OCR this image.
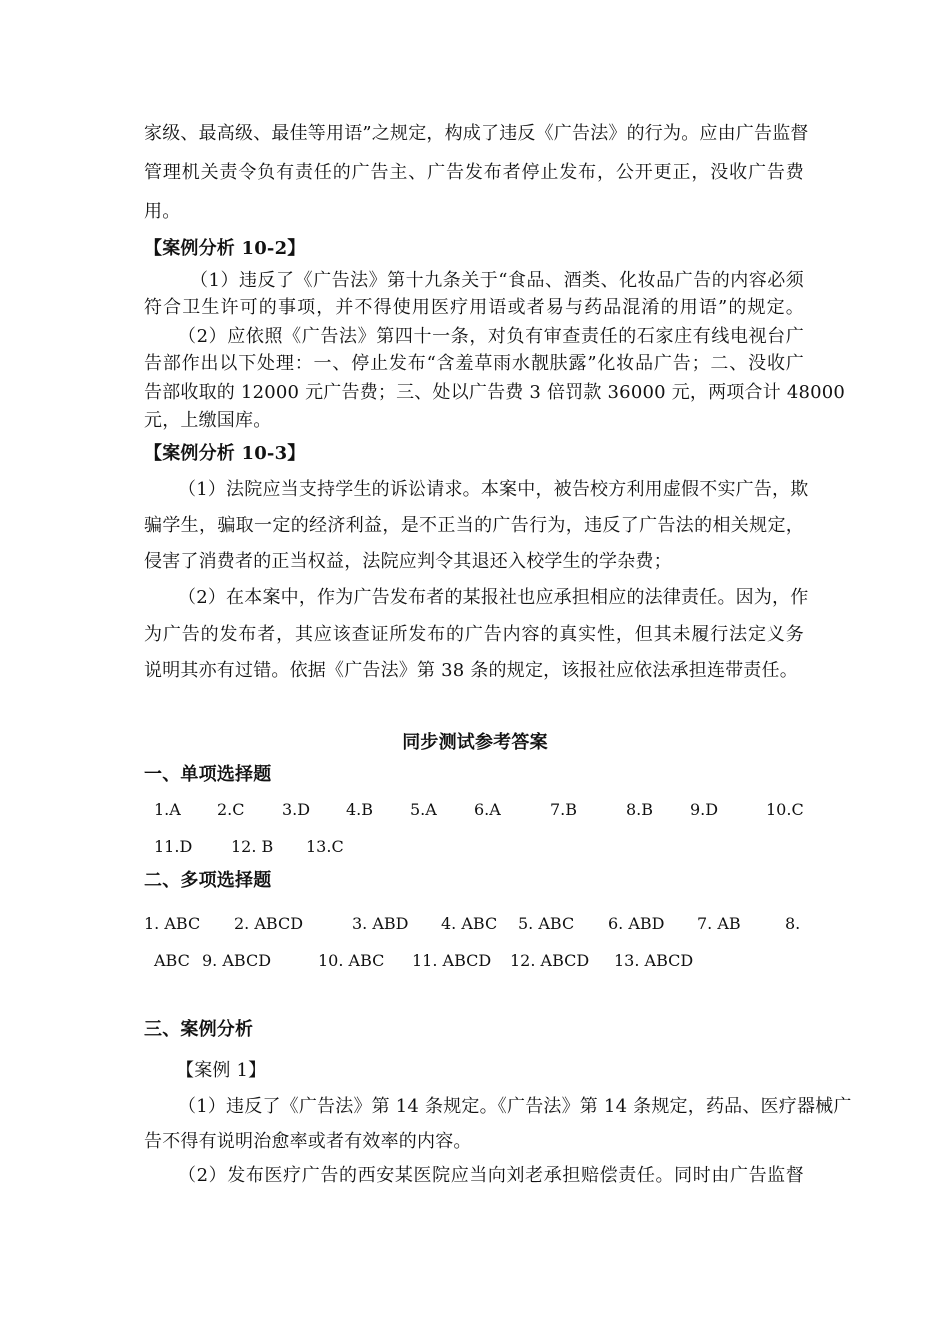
家级、最高级、最佳等用语”之规定，构成了违反《广告法》的行为。应由广告监督
管理机关责令负有责任的广告主、广告发布者停止发布，公开更正，没收广告费
用。
【案例分析 10-2】
（1）违反了《广告法》第十九条关于“食品、酒类、化妆品广告的内容必须
符合卫生许可的事项，并不得使用医疗用语或者易与药品混淆的用语”的规定。
（2）应依照《广告法》第四十一条，对负有审查责任的石家庄有线电视台广
告部作出以下处理：一、停止发布“含羞草雨水靓肤露”化妆品广告；二、没收广
告部收取的 12000 元广告费；三、处以广告费 3 倍罚款 36000 元，两项合计 48000
元，上缴国库。
【案例分析 10-3】
（1）法院应当支持学生的诉讼请求。本案中，被告校方利用虚假不实广告，欺
骗学生，骗取一定的经济利益，是不正当的广告行为，违反了广告法的相关规定，
侵害了消费者的正当权益，法院应判令其退还入校学生的学杂费；
（2）在本案中，作为广告发布者的某报社也应承担相应的法律责任。因为，作
为广告的发布者，其应该查证所发布的广告内容的真实性，但其未履行法定义务
说明其亦有过错。依据《广告法》第 38 条的规定，该报社应依法承担连带责任。
同步测试参考答案
一、单项选择题
1.A 2.C 3.D 4.B 5.A 6.A	7.B	8.B 9.D	10.C
11.D 12. B 13.C
二、多项选择题
1. ABC 2. ABCD	3. ABD 4. ABC 5. ABC 6. ABD 7. AB	8.
ABC 9. ABCD	10. ABC 11. ABCD 12. ABCD 13. ABCD
三、案例分析
【案例 1】
（1）违反了《广告法》第 14 条规定。《广告法》第 14 条规定，药品、医疗器械广
告不得有说明治愈率或者有效率的内容。
（2）发布医疗广告的西安某医院应当向刘老承担赔偿责任。同时由广告监督
